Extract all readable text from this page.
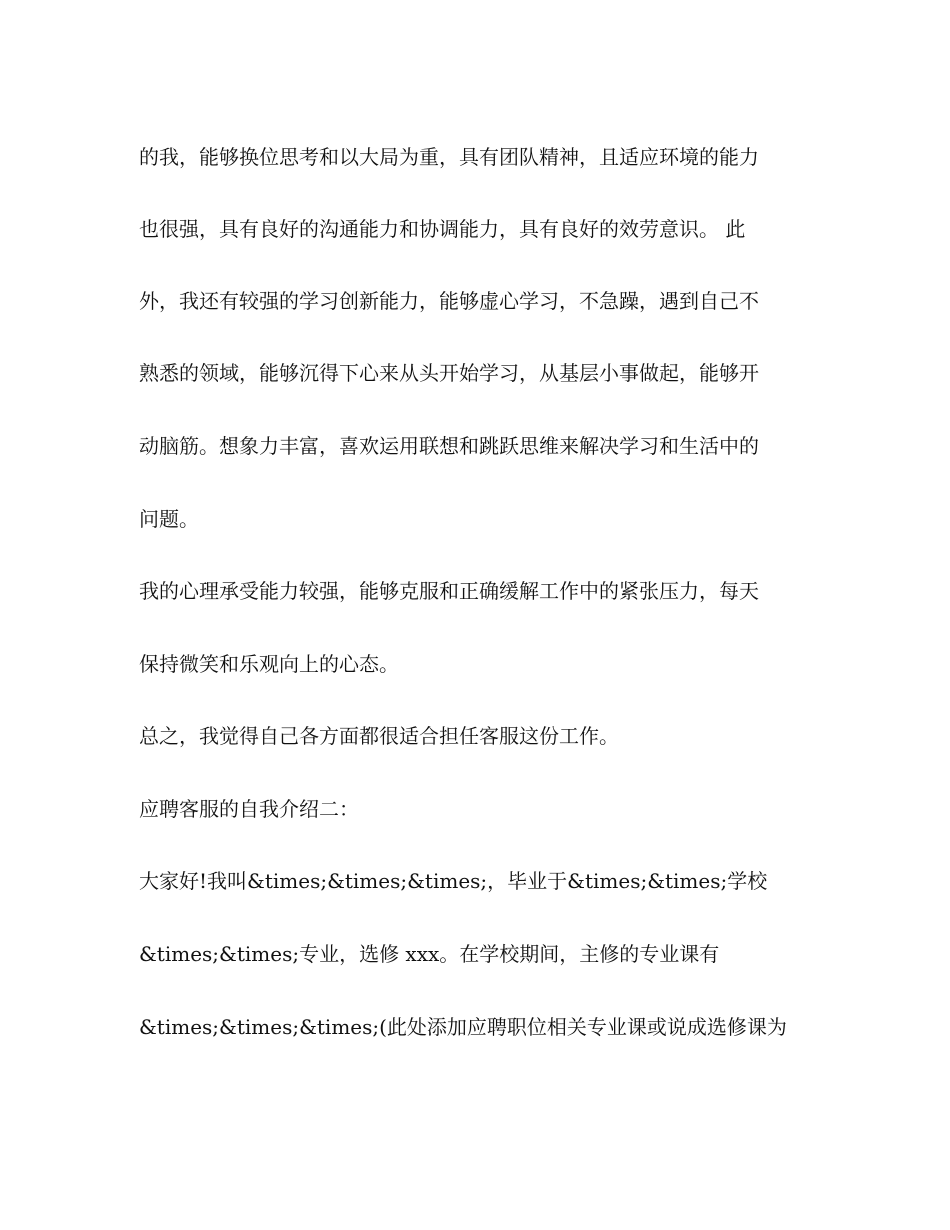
的我，能够换位思考和以大局为重，具有团队精神，且适应环境的能力
也很强，具有良好的沟通能力和协调能力，具有良好的效劳意识。 此
外，我还有较强的学习创新能力，能够虚心学习，不急躁，遇到自己不
熟悉的领域，能够沉得下心来从头开始学习，从基层小事做起，能够开
动脑筋。想象力丰富，喜欢运用联想和跳跃思维来解决学习和生活中的
问题。
我的心理承受能力较强，能够克服和正确缓解工作中的紧张压力，每天
保持微笑和乐观向上的心态。
总之，我觉得自己各方面都很适合担任客服这份工作。
应聘客服的自我介绍二：
大家好!我叫&times;&times;&times;，毕业于&times;&times;学校
&times;&times;专业，选修 xxx。在学校期间，主修的专业课有
&times;&times;&times;(此处添加应聘职位相关专业课或说成选修课为
